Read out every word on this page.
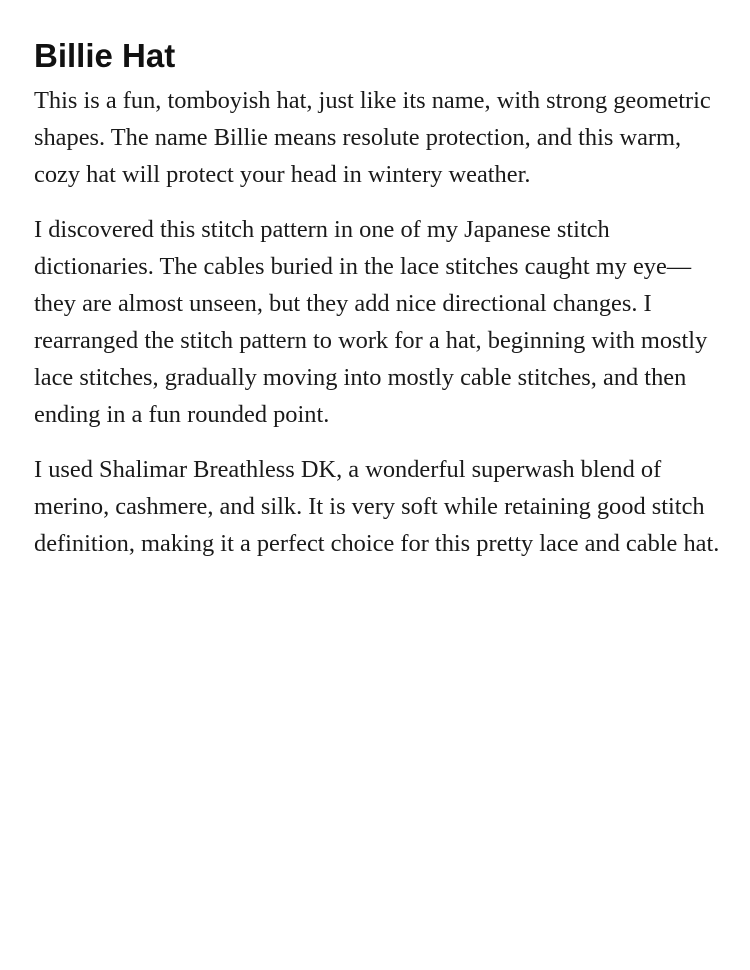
Billie Hat

This is a fun, tomboyish hat, just like its name, with strong geometric shapes. The name Billie means resolute protection, and this warm, cozy hat will protect your head in wintery weather.

I discovered this stitch pattern in one of my Japanese stitch dictionaries. The cables buried in the lace stitches caught my eye—they are almost unseen, but they add nice directional changes. I rearranged the stitch pattern to work for a hat, beginning with mostly lace stitches, gradually moving into mostly cable stitches, and then ending in a fun rounded point.

I used Shalimar Breathless DK, a wonderful superwash blend of merino, cashmere, and silk. It is very soft while retaining good stitch definition, making it a perfect choice for this pretty lace and cable hat.
